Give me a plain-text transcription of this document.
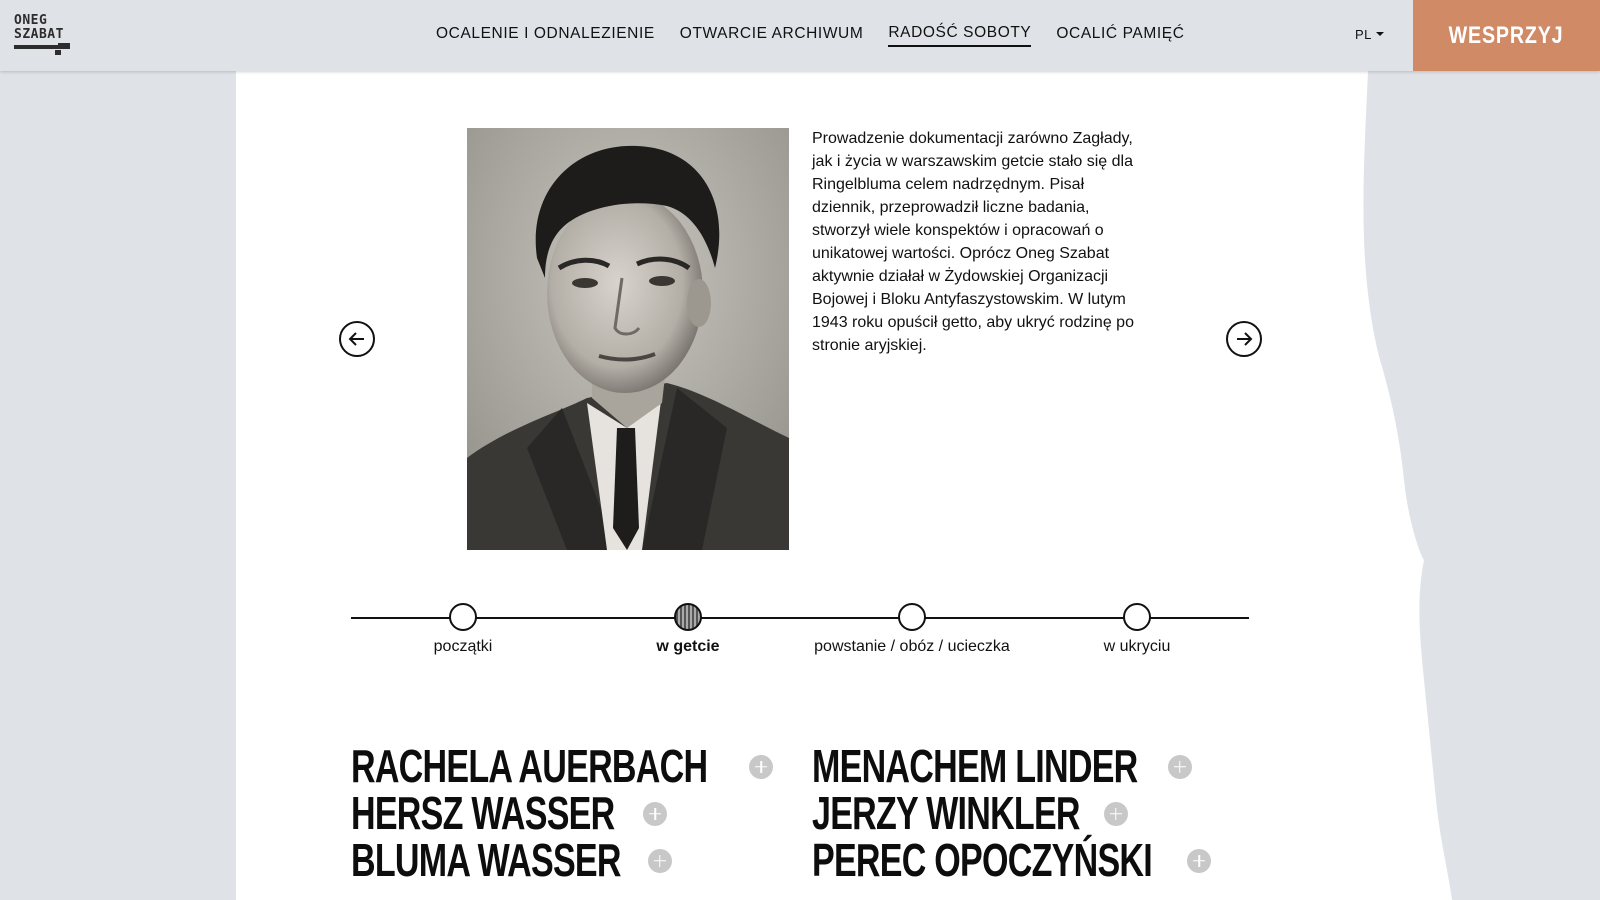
ONEG
SZABAT	OCALENIE I ODNALEZIENIE OTWARCIE ARCHIWUM RADOŚĆ SOBOTY OCALIĆ PAMIĘĆ	PL	WESPRZYJ

Prowadzenie dokumentacji zarówno Zagłady, jak i życia w warszawskim getcie stało się dla Ringelbluma celem nadrzędnym. Pisał dziennik, przeprowadził liczne badania, stworzył wiele konspektów i opracowań o unikatowej wartości. Oprócz Oneg Szabat aktywnie działał w Żydowskiej Organizacji Bojowej i Bloku Antyfaszystowskim. W lutym 1943 roku opuścił getto, aby ukryć rodzinę po stronie aryjskiej.

początki	w getcie	powstanie / obóz / ucieczka	w ukryciu
RACHELA AUERBACH
HERSZ WASSER
BLUMA WASSER
MENACHEM LINDER
JERZY WINKLER
PEREC OPOCZYŃSKI
